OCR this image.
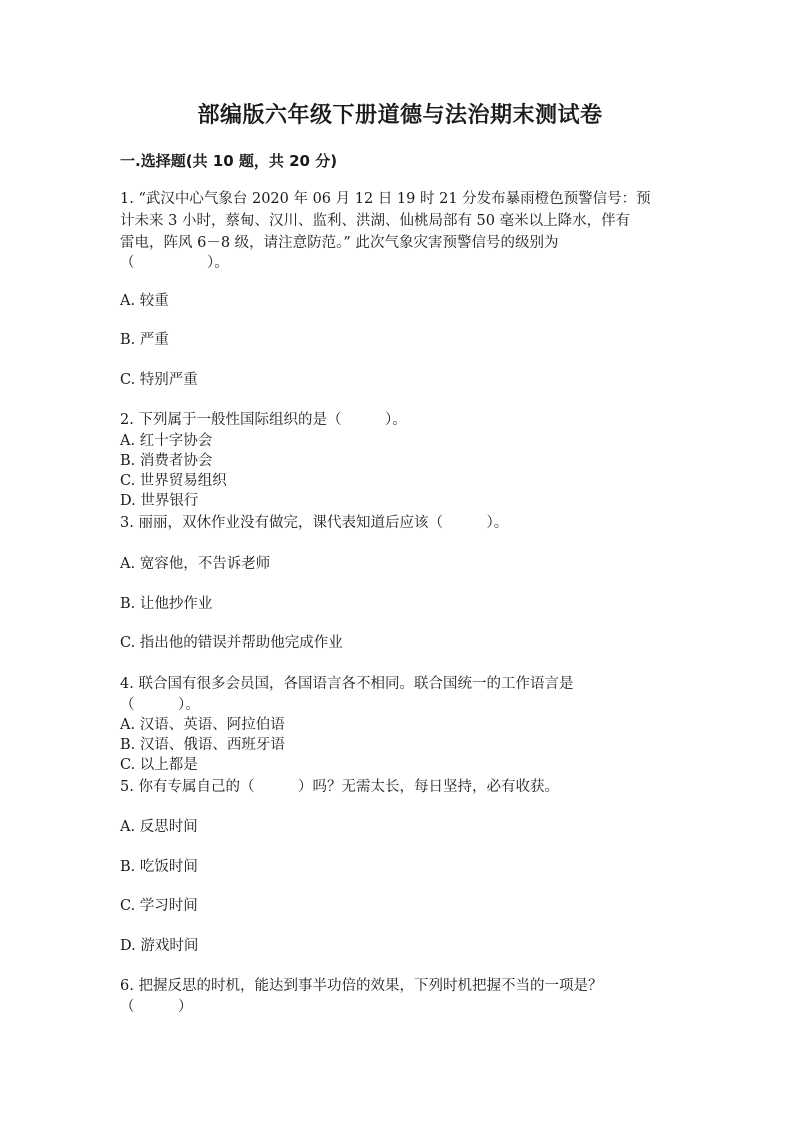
部编版六年级下册道德与法治期末测试卷
一.选择题(共 10 题，共 20 分)
1. “武汉中心气象台 2020 年 06 月 12 日 19 时 21 分发布暴雨橙色预警信号：预
计未来 3 小时，蔡甸、汉川、监利、洪湖、仙桃局部有 50 毫米以上降水，伴有
雷电，阵风 6－8 级，请注意防范。” 此次气象灾害预警信号的级别为
（　　　　　）。
A. 较重
B. 严重
C. 特别严重
2. 下列属于一般性国际组织的是（　　　）。
A. 红十字协会
B. 消费者协会
C. 世界贸易组织
D. 世界银行
3. 丽丽，双休作业没有做完，课代表知道后应该（　　　）。
A. 宽容他，不告诉老师
B. 让他抄作业
C. 指出他的错误并帮助他完成作业
4. 联合国有很多会员国，各国语言各不相同。联合国统一的工作语言是
（　　　）。
A. 汉语、英语、阿拉伯语
B. 汉语、俄语、西班牙语
C. 以上都是
5. 你有专属自己的（　　　）吗？无需太长，每日坚持，必有收获。
A. 反思时间
B. 吃饭时间
C. 学习时间
D. 游戏时间
6. 把握反思的时机，能达到事半功倍的效果，下列时机把握不当的一项是？
（　　　）
